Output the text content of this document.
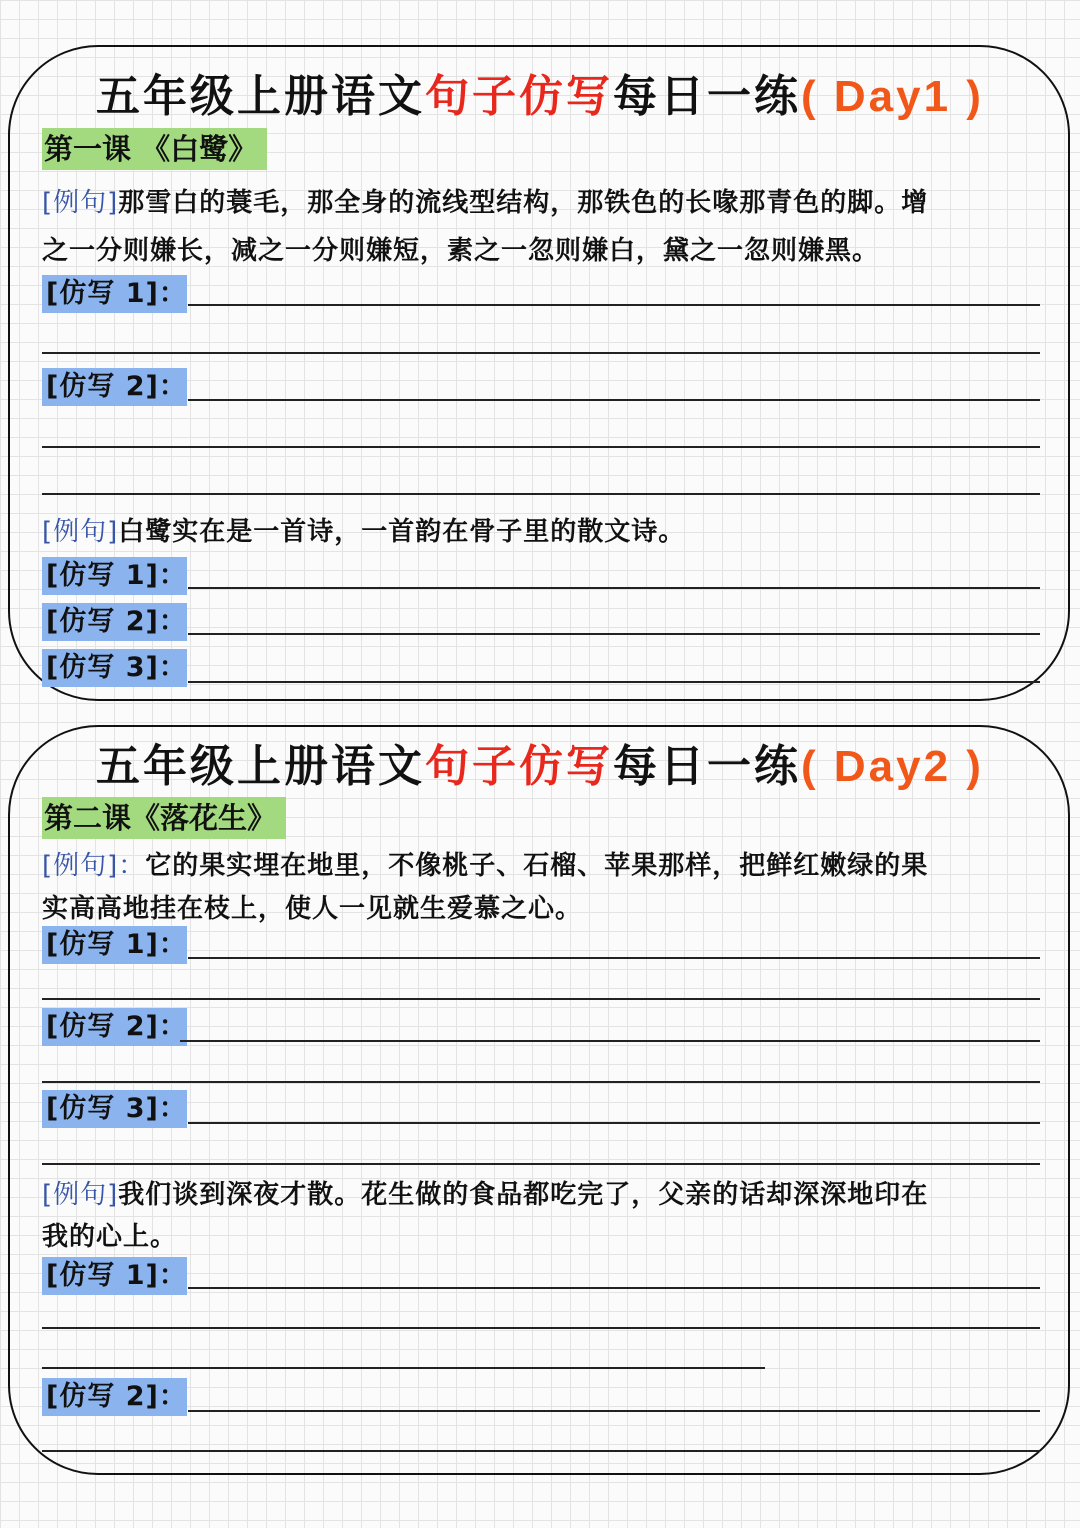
五年级上册语文句子仿写每日一练( Day1 )
第一课 《白鹭》
[例句]那雪白的蓑毛，那全身的流线型结构，那铁色的长喙那青色的脚。增
之一分则嫌长，减之一分则嫌短，素之一忽则嫌白，黛之一忽则嫌黑。
[仿写 1]：
[仿写 2]：
[例句]白鹭实在是一首诗，一首韵在骨子里的散文诗。
[仿写 1]：
[仿写 2]：
[仿写 3]：
五年级上册语文句子仿写每日一练( Day2 )
第二课《落花生》
[例句]：它的果实埋在地里，不像桃子、石榴、苹果那样，把鲜红嫩绿的果
实高高地挂在枝上，使人一见就生爱慕之心。
[仿写 1]：
[仿写 2]：
[仿写 3]：
[例句]我们谈到深夜才散。花生做的食品都吃完了，父亲的话却深深地印在
我的心上。
[仿写 1]：
[仿写 2]：
